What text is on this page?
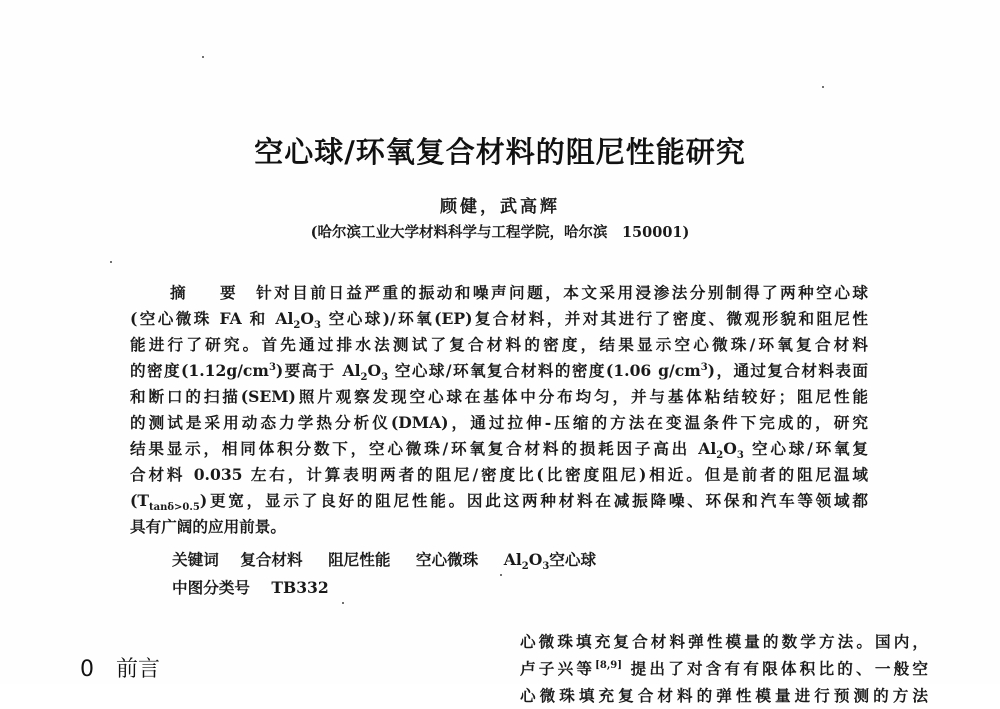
空心球/环氧复合材料的阻尼性能研究
顾健，武高辉
(哈尔滨工业大学材料科学与工程学院，哈尔滨　150001)
摘 要 针对目前日益严重的振动和噪声问题，本文采用浸渗法分别制得了两种空心球
(空心微珠 FA 和 $Al_2O_3$ 空心球)/环氧(EP)复合材料，并对其进行了密度、微观形貌和阻尼性
能进行了研究。首先通过排水法测试了复合材料的密度，结果显示空心微珠/环氧复合材料
的密度$(1.12g/cm^3)$要高于 $Al_2O_3$ 空心球/环氧复合材料的密度(1.06 $g/cm^3$)，通过复合材料表面
和断口的扫描(SEM)照片观察发现空心球在基体中分布均匀，并与基体粘结较好；阻尼性能
的测试是采用动态力学热分析仪(DMA)，通过拉伸-压缩的方法在变温条件下完成的，研究
结果显示，相同体积分数下，空心微珠/环氧复合材料的损耗因子高出 $Al_2O_3$ 空心球/环氧复
合材料 0.035 左右，计算表明两者的阻尼/密度比(比密度阻尼)相近。但是前者的阻尼温域
$(T_{tan\delta>0.5})$更宽，显示了良好的阻尼性能。因此这两种材料在减振降噪、环保和汽车等领域都
具有广阔的应用前景。
关键词 复合材料 阻尼性能 空心微珠 $Al_2O_3$空心球
中图分类号 TB332
0 前言
心微珠填充复合材料弹性模量的数学方法。国内，
卢子兴等[8,9] 提出了对含有有限体积比的、一般空
心微珠填充复合材料的弹性模量进行预测的方法
